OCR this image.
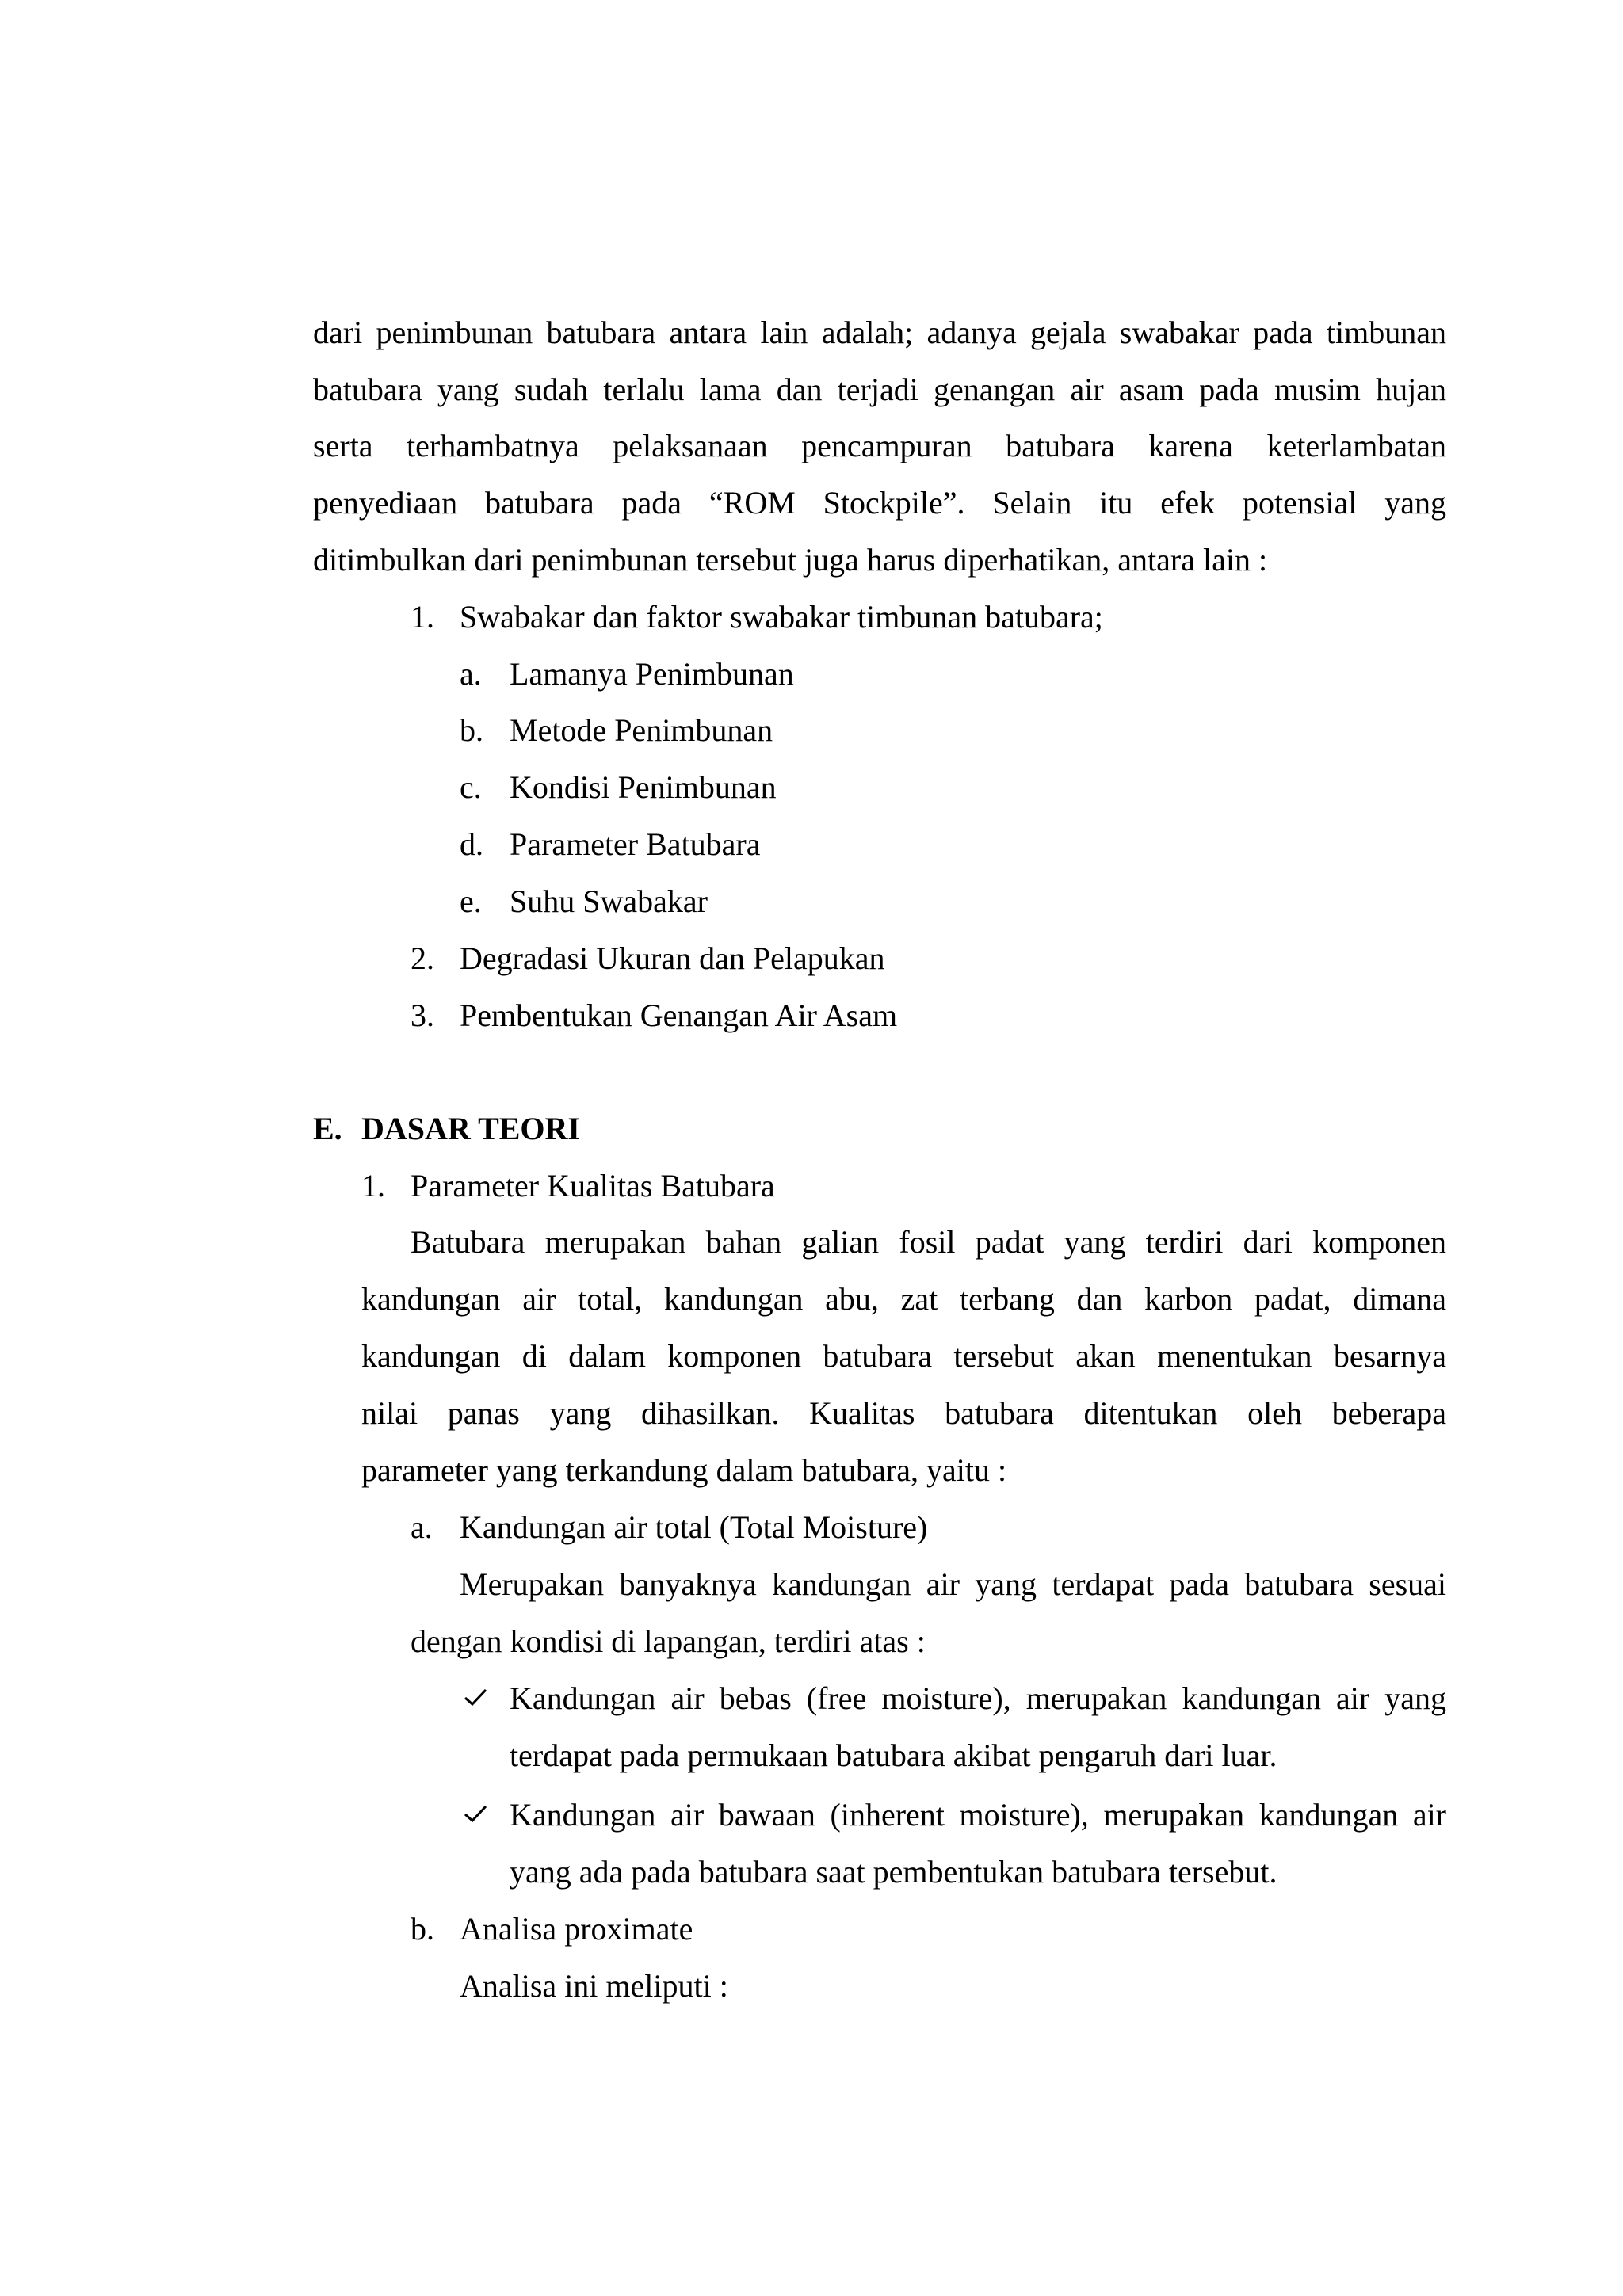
dari penimbunan batubara antara lain adalah; adanya gejala swabakar pada timbunan
batubara yang sudah terlalu lama dan terjadi genangan air asam pada musim hujan
serta terhambatnya pelaksanaan pencampuran batubara karena keterlambatan
penyediaan batubara pada “ROM Stockpile”. Selain itu efek potensial yang
ditimbulkan dari penimbunan tersebut juga harus diperhatikan, antara lain :
1. Swabakar dan faktor swabakar timbunan batubara;
a. Lamanya Penimbunan
b. Metode Penimbunan
c. Kondisi Penimbunan
d. Parameter Batubara
e. Suhu Swabakar
2. Degradasi Ukuran dan Pelapukan
3. Pembentukan Genangan Air Asam
E. DASAR TEORI
1. Parameter Kualitas Batubara
Batubara merupakan bahan galian fosil padat yang terdiri dari komponen
kandungan air total, kandungan abu, zat terbang dan karbon padat, dimana
kandungan di dalam komponen batubara tersebut akan menentukan besarnya
nilai panas yang dihasilkan. Kualitas batubara ditentukan oleh beberapa
parameter yang terkandung dalam batubara, yaitu :
a. Kandungan air total (Total Moisture)
Merupakan banyaknya kandungan air yang terdapat pada batubara sesuai
dengan kondisi di lapangan, terdiri atas :
Kandungan air bebas (free moisture), merupakan kandungan air yang
terdapat pada permukaan batubara akibat pengaruh dari luar.
Kandungan air bawaan (inherent moisture), merupakan kandungan air
yang ada pada batubara saat pembentukan batubara tersebut.
b. Analisa proximate
Analisa ini meliputi :
